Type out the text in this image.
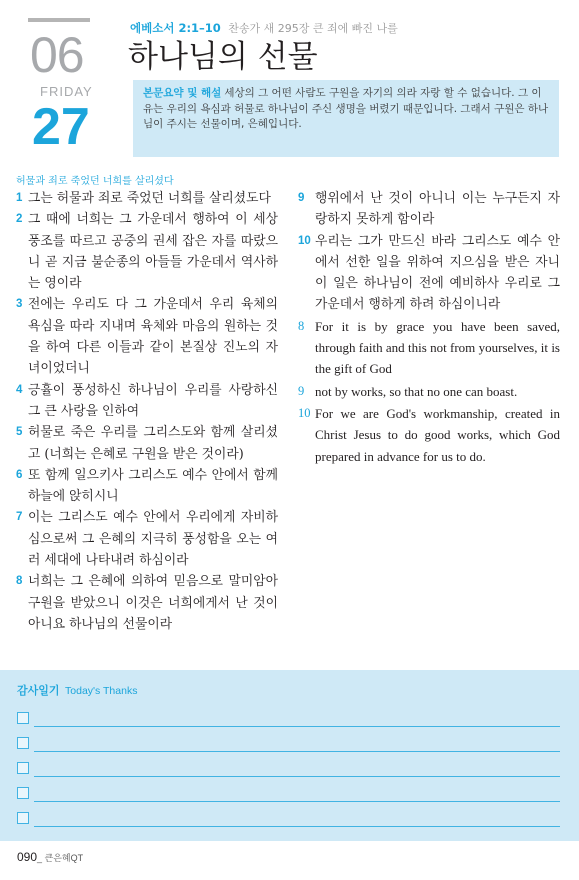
06
FRIDAY
27
에베소서 2:1–10 찬송가 새 295장 큰 죄에 빠진 나를
하나님의 선물
본문요약 및 해설 세상의 그 어떤 사람도 구원을 자기의 의라 자랑 할 수 없습니다. 그 이유는 우리의 욕심과 허물로 하나님이 주신 생명을 버렸기 때문입니다. 그래서 구원은 하나님이 주시는 선물이며, 은혜입니다.
허물과 죄로 죽었던 너희를 살리셨다
1 그는 허물과 죄로 죽었던 너희를 살리셨도다
2 그 때에 너희는 그 가운데서 행하여 이 세상 풍조를 따르고 공중의 권세 잡은 자를 따랐으니 곧 지금 불순종의 아들들 가운데서 역사하는 영이라
3 전에는 우리도 다 그 가운데서 우리 육체의 욕심을 따라 지내며 육체와 마음의 원하는 것을 하여 다른 이들과 같이 본질상 진노의 자녀이었더니
4 긍휼이 풍성하신 하나님이 우리를 사랑하신 그 큰 사랑을 인하여
5 허물로 죽은 우리를 그리스도와 함께 살리셨고 (너희는 은혜로 구원을 받은 것이라)
6 또 함께 일으키사 그리스도 예수 안에서 함께 하늘에 앉히시니
7 이는 그리스도 예수 안에서 우리에게 자비하심으로써 그 은혜의 지극히 풍성함을 오는 여러 세대에 나타내려 하심이라
8 너희는 그 은혜에 의하여 믿음으로 말미암아 구원을 받았으니 이것은 너희에게서 난 것이 아니요 하나님의 선물이라
9 행위에서 난 것이 아니니 이는 누구든지 자랑하지 못하게 함이라
10 우리는 그가 만드신 바라 그리스도 예수 안에서 선한 일을 위하여 지으심을 받은 자니 이 일은 하나님이 전에 예비하사 우리로 그 가운데서 행하게 하려 하심이니라
8 For it is by grace you have been saved, through faith and this not from yourselves, it is the gift of God
9 not by works, so that no one can boast.
10 For we are God's workmanship, created in Christ Jesus to do good works, which God prepared in advance for us to do.
감사일기 Today's Thanks
090_ 큰은혜QT
